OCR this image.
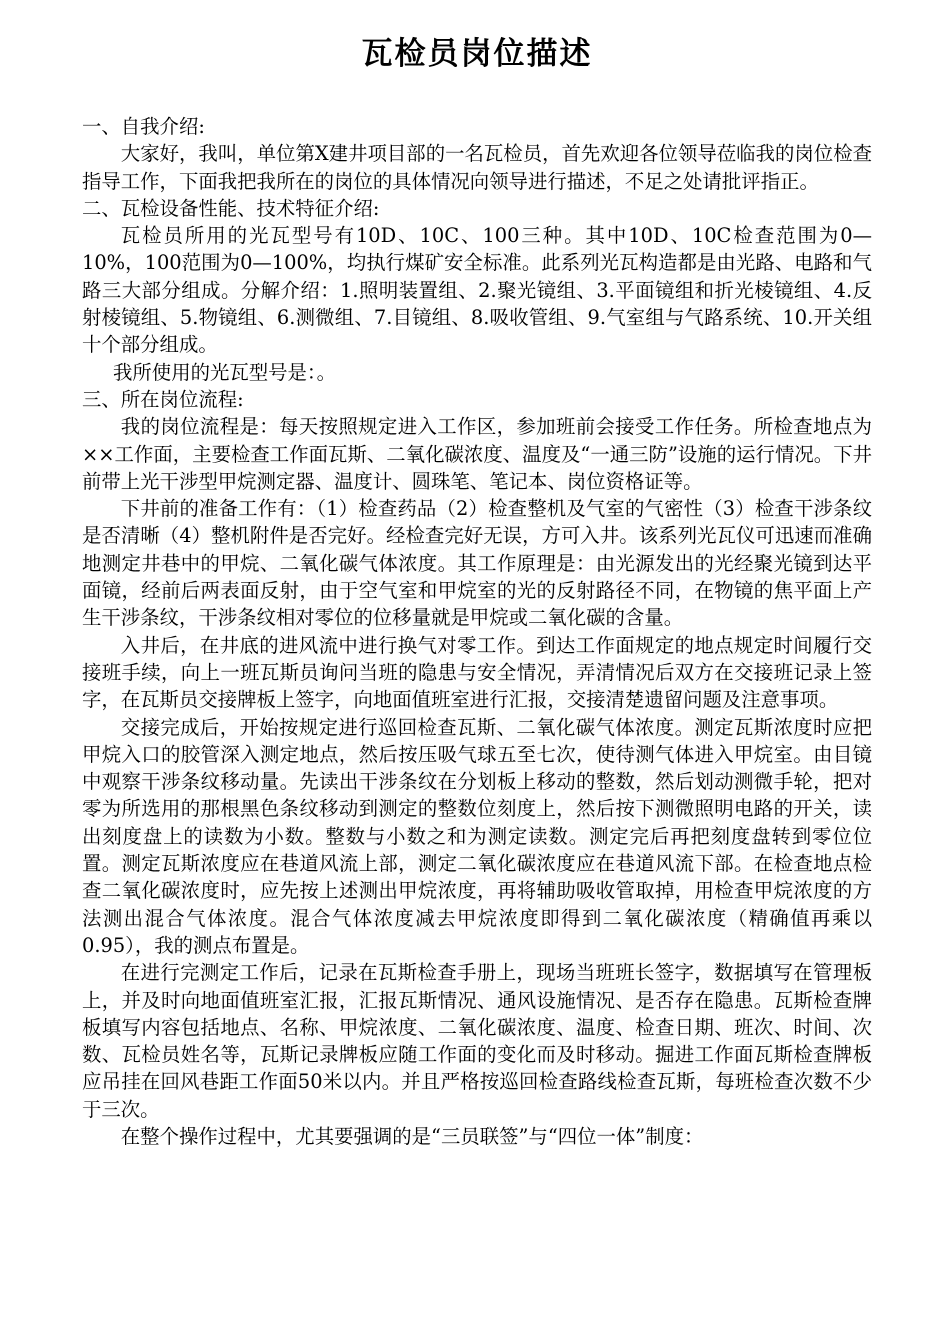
瓦检员岗位描述
一、自我介绍:
大家好，我叫，单位第X建井项目部的一名瓦检员，首先欢迎各位领导莅临我的岗位检查指导工作，下面我把我所在的岗位的具体情况向领导进行描述，不足之处请批评指正。
二、瓦检设备性能、技术特征介绍:
瓦检员所用的光瓦型号有10D、10C、100三种。其中10D、10C检查范围为0—10%，100范围为0—100%，均执行煤矿安全标准。此系列光瓦构造都是由光路、电路和气路三大部分组成。分解介绍：1.照明装置组、2.聚光镜组、3.平面镜组和折光棱镜组、4.反射棱镜组、5.物镜组、6.测微组、7.目镜组、8.吸收管组、9.气室组与气路系统、10.开关组十个部分组成。
我所使用的光瓦型号是：。
三、所在岗位流程:
我的岗位流程是：每天按照规定进入工作区，参加班前会接受工作任务。所检查地点为××工作面，主要检查工作面瓦斯、二氧化碳浓度、温度及“一通三防”设施的运行情况。下井前带上光干涉型甲烷测定器、温度计、圆珠笔、笔记本、岗位资格证等。
下井前的准备工作有：（1）检查药品（2）检查整机及气室的气密性（3）检查干涉条纹是否清晰（4）整机附件是否完好。经检查完好无误，方可入井。该系列光瓦仪可迅速而准确地测定井巷中的甲烷、二氧化碳气体浓度。其工作原理是：由光源发出的光经聚光镜到达平面镜，经前后两表面反射，由于空气室和甲烷室的光的反射路径不同，在物镜的焦平面上产生干涉条纹，干涉条纹相对零位的位移量就是甲烷或二氧化碳的含量。
入井后，在井底的进风流中进行换气对零工作。到达工作面规定的地点规定时间履行交接班手续，向上一班瓦斯员询问当班的隐患与安全情况，弄清情况后双方在交接班记录上签字，在瓦斯员交接牌板上签字，向地面值班室进行汇报，交接清楚遗留问题及注意事项。
交接完成后，开始按规定进行巡回检查瓦斯、二氧化碳气体浓度。测定瓦斯浓度时应把甲烷入口的胶管深入测定地点，然后按压吸气球五至七次，使待测气体进入甲烷室。由目镜中观察干涉条纹移动量。先读出干涉条纹在分划板上移动的整数，然后划动测微手轮，把对零为所选用的那根黑色条纹移动到测定的整数位刻度上，然后按下测微照明电路的开关，读出刻度盘上的读数为小数。整数与小数之和为测定读数。测定完后再把刻度盘转到零位位置。测定瓦斯浓度应在巷道风流上部，测定二氧化碳浓度应在巷道风流下部。在检查地点检查二氧化碳浓度时，应先按上述测出甲烷浓度，再将辅助吸收管取掉，用检查甲烷浓度的方法测出混合气体浓度。混合气体浓度减去甲烷浓度即得到二氧化碳浓度（精确值再乘以0.95），我的测点布置是。
在进行完测定工作后，记录在瓦斯检查手册上，现场当班班长签字，数据填写在管理板上，并及时向地面值班室汇报，汇报瓦斯情况、通风设施情况、是否存在隐患。瓦斯检查牌板填写内容包括地点、名称、甲烷浓度、二氧化碳浓度、温度、检查日期、班次、时间、次数、瓦检员姓名等，瓦斯记录牌板应随工作面的变化而及时移动。掘进工作面瓦斯检查牌板应吊挂在回风巷距工作面50米以内。并且严格按巡回检查路线检查瓦斯，每班检查次数不少于三次。
在整个操作过程中，尤其要强调的是“三员联签”与“四位一体”制度：
